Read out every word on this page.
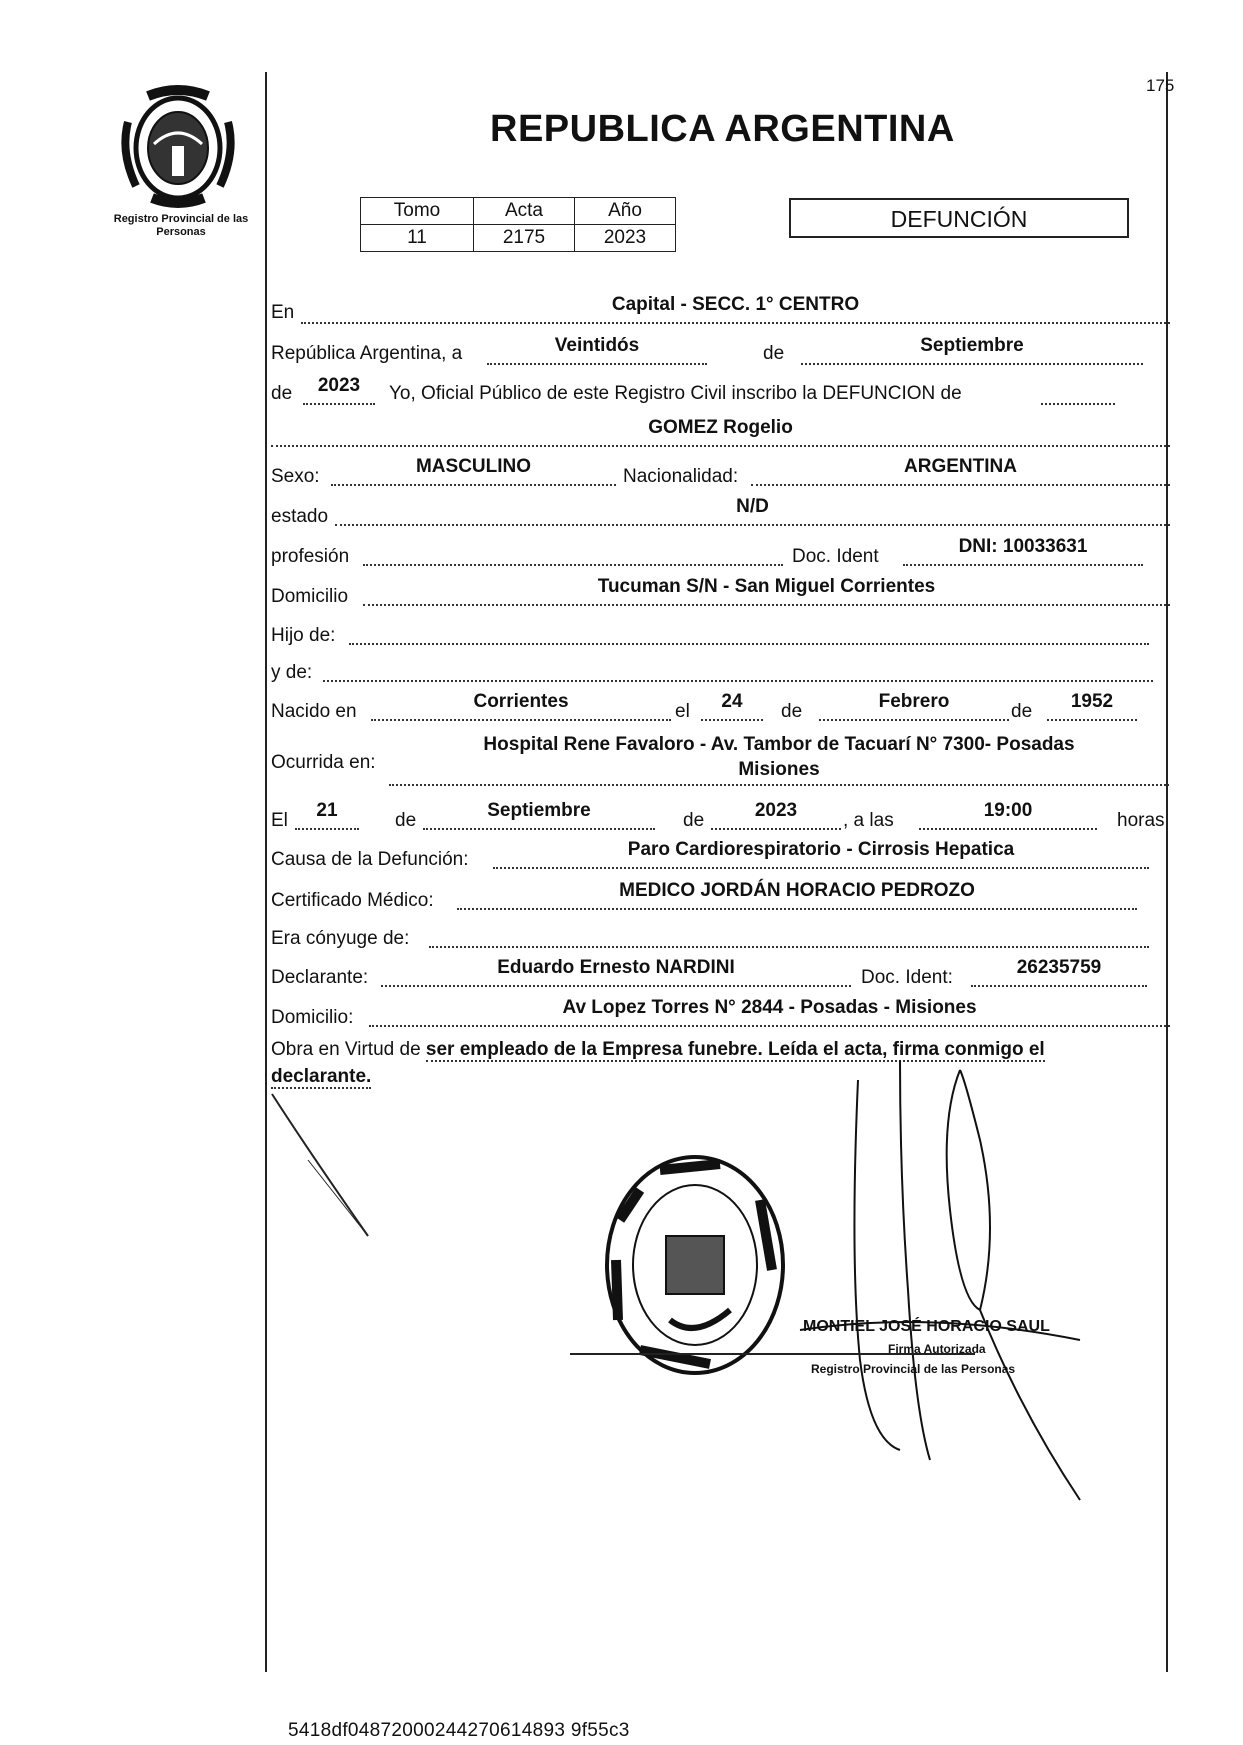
175
Registro Provincial de las Personas
REPUBLICA ARGENTINA
Tomo	Acta	Año
11	2175	2023
DEFUNCIÓN
En	Capital - SECC. 1° CENTRO
República Argentina, a	Veintidós	de	Septiembre
de	2023	Yo, Oficial Público de este Registro Civil inscribo la DEFUNCION de
GOMEZ Rogelio
Sexo:	MASCULINO	Nacionalidad:	ARGENTINA
estado	N/D
profesión	Doc. Ident	DNI: 10033631
Domicilio	Tucuman S/N - San Miguel Corrientes
Hijo de:
y de:
Nacido en	Corrientes	el	24	de	Febrero	de	1952
Ocurrida en:
Hospital Rene Favaloro - Av. Tambor de Tacuarí N° 7300- Posadas
Misiones
El	21	de	Septiembre	de	2023	, a las	19:00	horas
Causa de la Defunción:	Paro Cardiorespiratorio - Cirrosis Hepatica
Certificado Médico:	MEDICO JORDÁN HORACIO PEDROZO
Era cónyuge de:
Declarante:	Eduardo Ernesto NARDINI	Doc. Ident:	26235759
Domicilio:	Av Lopez Torres N° 2844 - Posadas - Misiones
Obra en Virtud de ser empleado de la Empresa funebre. Leída el acta, firma conmigo el
declarante.
MONTIEL JOSÉ HORACIO SAUL
Firma Autorizada
Registro Provincial de las Personas
5418df04872000244270614893 9f55c3
